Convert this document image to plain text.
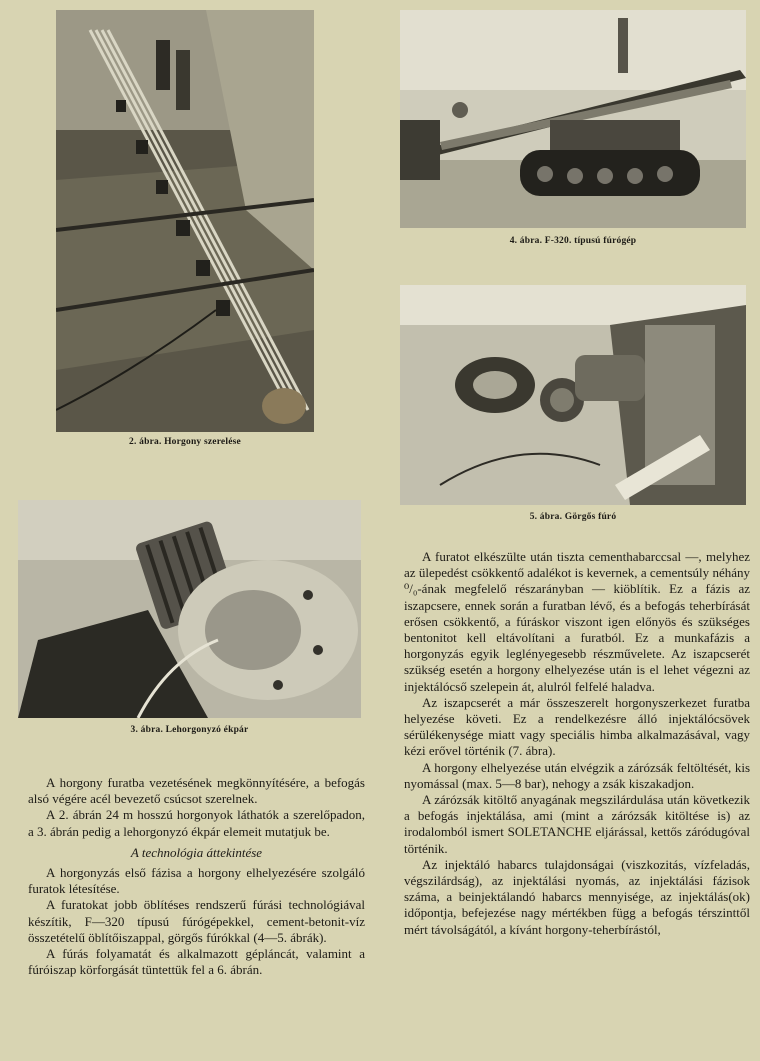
2. ábra. Horgony szerelése
3. ábra. Lehorgonyzó ékpár
4. ábra. F-320. típusú fúrógép
5. ábra. Görgős fúró

A horgony furatba vezetésének megkönnyítésére, a befogás alsó végére acél bevezető csúcsot szerelnek.

A 2. ábrán 24 m hosszú horgonyok láthatók a szerelőpadon, a 3. ábrán pedig a lehorgonyzó ékpár elemeit mutatjuk be.

A technológia áttekintése

A horgonyzás első fázisa a horgony elhelyezésére szolgáló furatok létesítése.

A furatokat jobb öblítéses rendszerű fúrási technológiával készítik, F—320 típusú fúrógépekkel, cement-betonit-víz összetételű öblítőiszappal, görgős fúrókkal (4—5. ábrák).

A fúrás folyamatát és alkalmazott gépláncát, valamint a fúróiszap körforgását tüntettük fel a 6. ábrán.

A furatot elkészülte után tiszta cementhabarccsal —, melyhez az ülepedést csökkentő adalékot is kevernek, a cementsúly néhány ⁰/₀-ának megfelelő részarányban — kiöblítik. Ez a fázis az iszapcsere, ennek során a furatban lévő, és a befogás teherbírását erősen csökkentő, a fúráskor viszont igen előnyös és szükséges bentonitot kell eltávolítani a furatból. Ez a munkafázis a horgonyzás egyik leglényegesebb részművelete. Az iszapcserét szükség esetén a horgony elhelyezése után is el lehet végezni az injektálócső szelepein át, alulról felfelé haladva.

Az iszapcserét a már összeszerelt horgonyszerkezet furatba helyezése követi. Ez a rendelkezésre álló injektálócsövek sérülékenysége miatt vagy speciális himba alkalmazásával, vagy kézi erővel történik (7. ábra).

A horgony elhelyezése után elvégzik a zárózsák feltöltését, kis nyomással (max. 5—8 bar), nehogy a zsák kiszakadjon.

A zárózsák kitöltő anyagának megszilárdulása után következik a befogás injektálása, ami (mint a zárózsák kitöltése is) az irodalomból ismert SOLETANCHE eljárással, kettős záródugóval történik.

Az injektáló habarcs tulajdonságai (viszkozitás, vízfeladás, végszilárdság), az injektálási nyomás, az injektálási fázisok száma, a beinjektálandó habarcs mennyisége, az injektálás(ok) időpontja, befejezése nagy mértékben függ a befogás térszinttől mért távolságától, a kívánt horgony-teherbírástól,
